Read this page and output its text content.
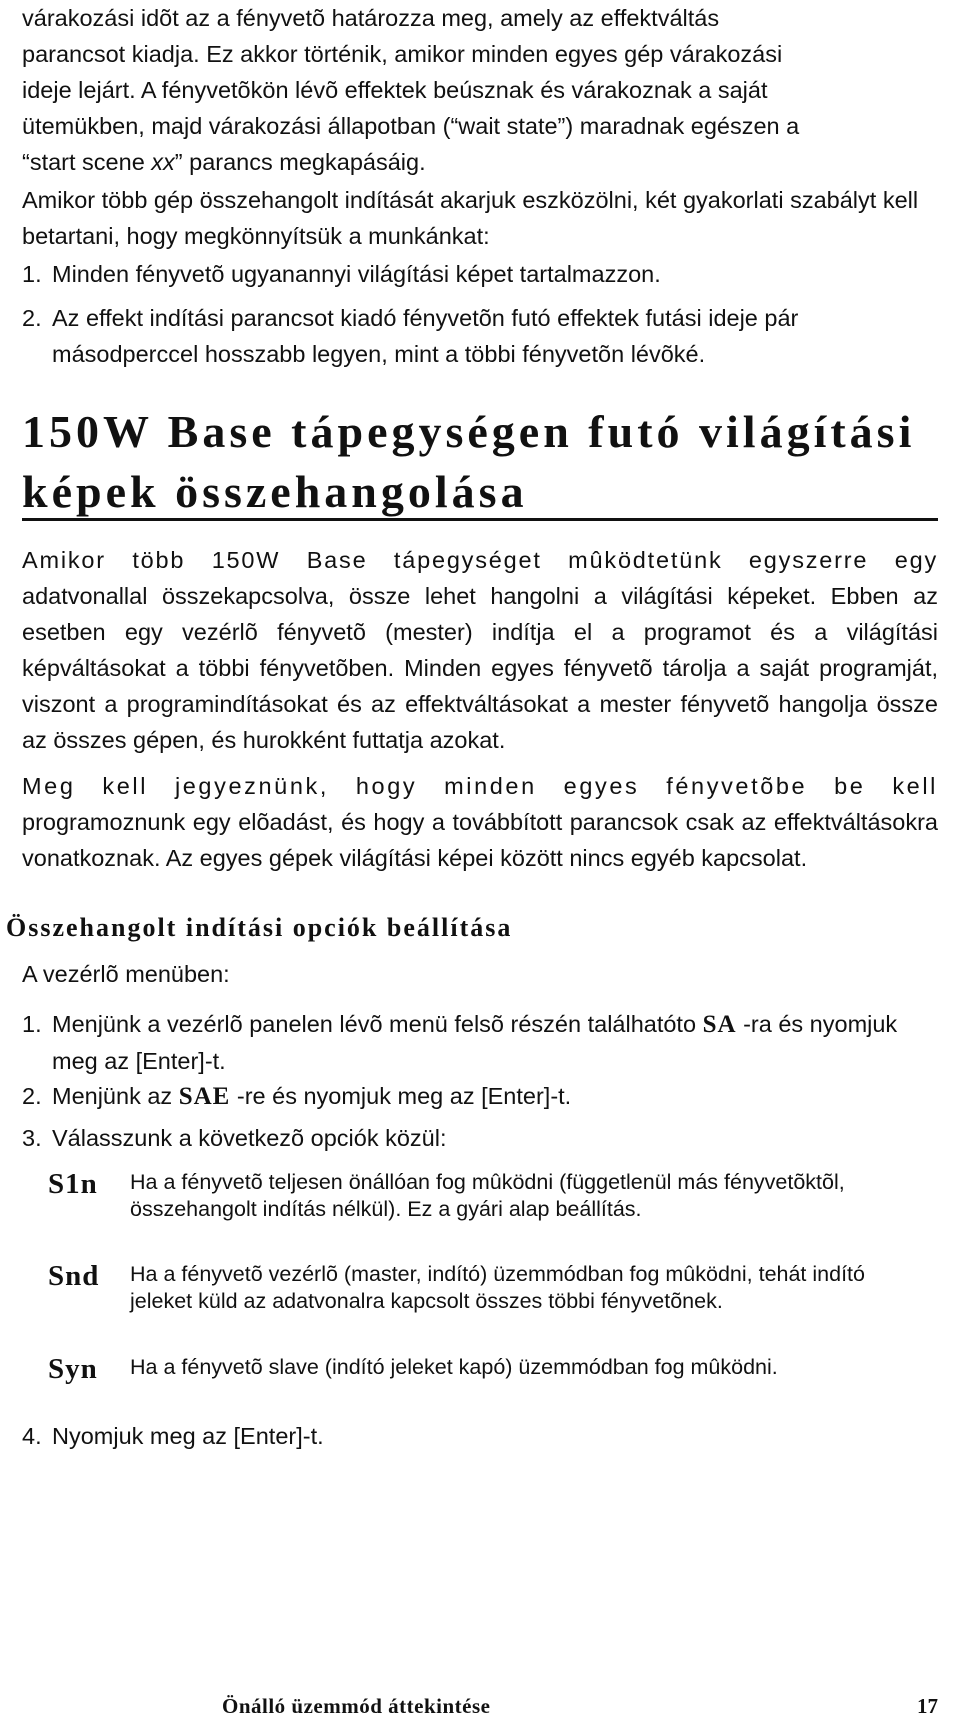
várakozási idõt az a fényvetõ határozza meg, amely az effektváltás

parancsot kiadja. Ez akkor történik, amikor minden egyes gép várakozási

ideje lejárt. A fényvetõkön lévõ effektek beúsznak és várakoznak a saját

ütemükben, majd várakozási állapotban (“wait state”) maradnak egészen a

“start scene xx” parancs megkapásáig.

Amikor több gép összehangolt indítását akarjuk eszközölni, két gyakorlati szabályt kell betartani, hogy megkönnyítsük a munkánkat:

1. Minden fényvetõ ugyanannyi világítási képet tartalmazzon.
2. Az effekt indítási parancsot kiadó fényvetõn futó effektek futási ideje pár másodperccel hosszabb legyen, mint a többi fényvetõn lévõké.
150W Base tápegységen futó világítási
képek összehangolása

Amikor több 150W Base tápegységet mûködtetünk egyszerre egy
adatvonallal összekapcsolva, össze lehet hangolni a világítási képeket. Ebben az esetben egy vezérlõ fényvetõ (mester) indítja el a programot és a világítási képváltásokat a többi fényvetõben. Minden egyes fényvetõ tárolja a saját programját, viszont a programindításokat és az effektváltásokat a mester fényvetõ hangolja össze az összes gépen, és hurokként futtatja azokat.

Meg kell jegyeznünk, hogy minden egyes fényvetõbe be kell
programoznunk egy elõadást, és hogy a továbbított parancsok csak az effektváltásokra vonatkoznak. Az egyes gépek világítási képei között nincs egyéb kapcsolat.

Összehangolt indítási opciók beállítása

A vezérlõ menüben:

1. Menjünk a vezérlõ panelen lévõ menü felsõ részén találhatóto SA -ra és nyomjuk meg az [Enter]-t.
2. Menjünk az SAE -re és nyomjuk meg az [Enter]-t.
3. Válasszunk a következõ opciók közül:
S1n	Ha a fényvetõ teljesen önállóan fog mûködni (függetlenül más fényvetõktõl, összehangolt indítás nélkül). Ez a gyári alap beállítás.

Snd	Ha a fényvetõ vezérlõ (master, indító) üzemmódban fog mûködni, tehát indító jeleket küld az adatvonalra kapcsolt összes többi fényvetõnek.

Syn	Ha a fényvetõ slave (indító jeleket kapó) üzemmódban fog mûködni.

4. Nyomjuk meg az [Enter]-t.
Önálló üzemmód áttekintése	17
